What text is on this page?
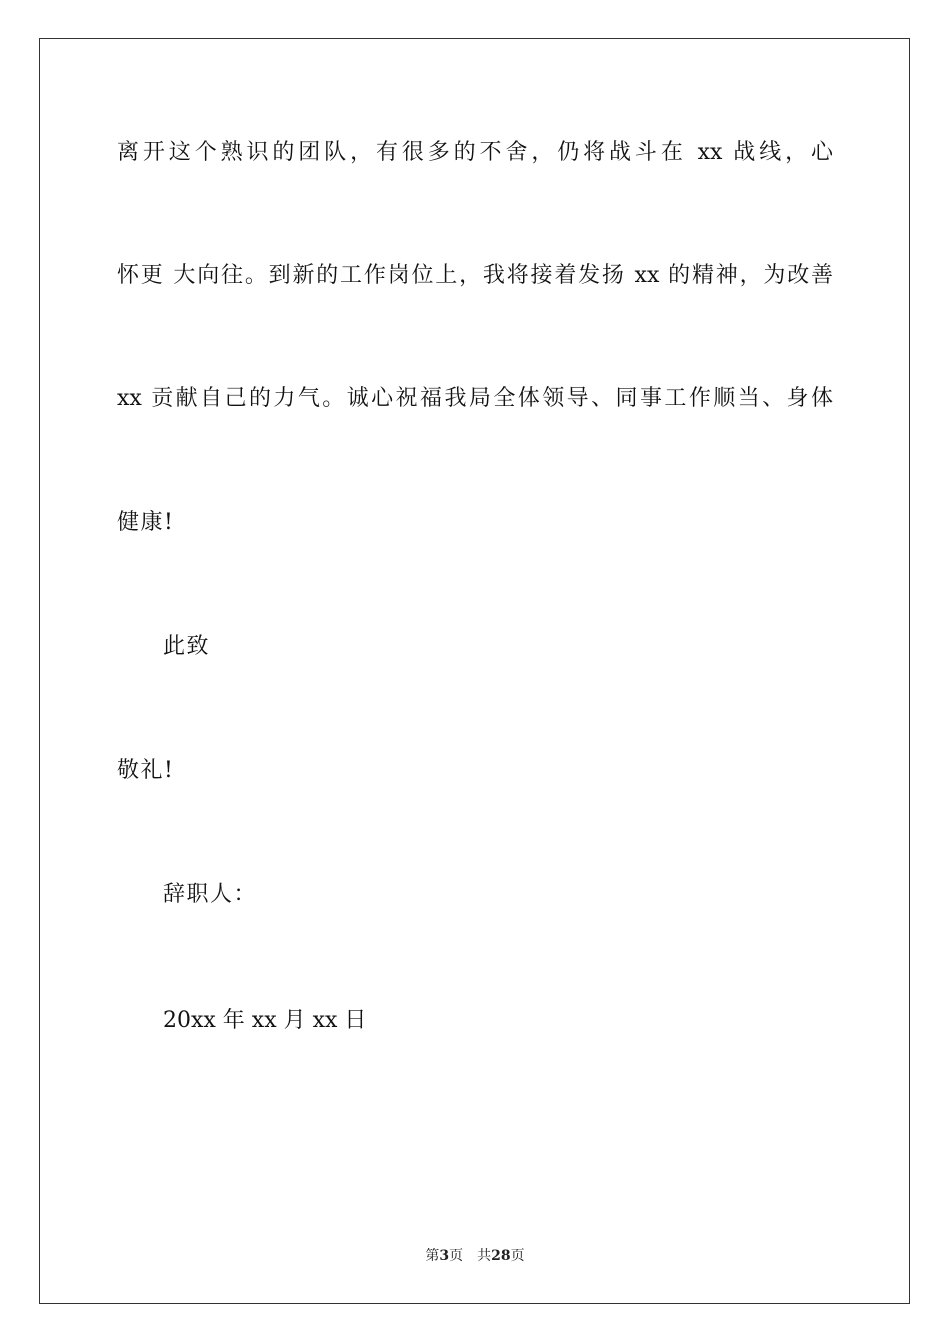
离开这个熟识的团队，有很多的不舍，仍将战斗在 xx 战线，心
怀更 大向往。到新的工作岗位上，我将接着发扬 xx 的精神，为改善
xx 贡献自己的力气。诚心祝福我局全体领导、同事工作顺当、身体
健康!
此致
敬礼!
辞职人：
20xx 年 xx 月 xx 日
第3页 共28页
